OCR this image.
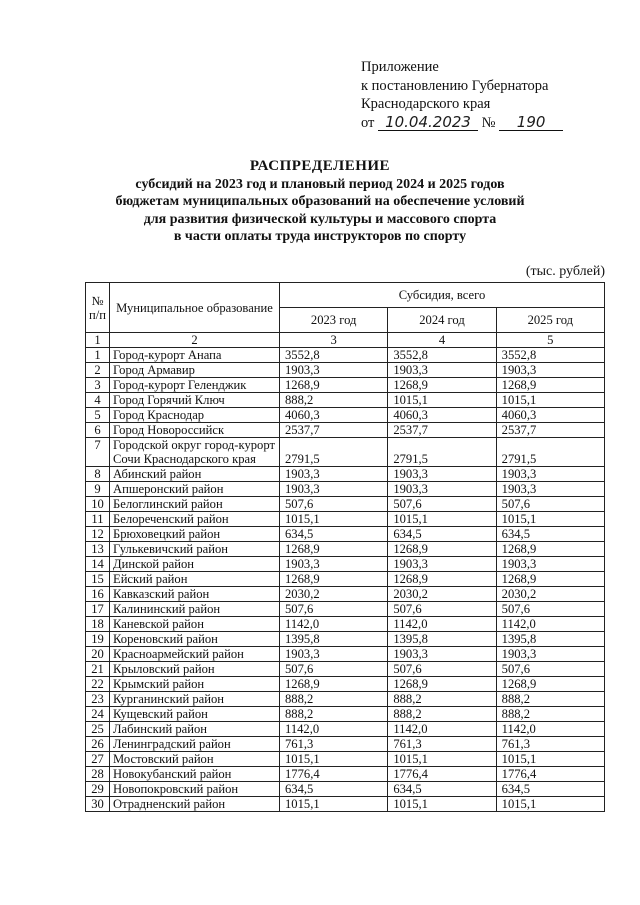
Приложение
к постановлению Губернатора
Краснодарского края
от 10.04.2023 № 190
РАСПРЕДЕЛЕНИЕ
субсидий на 2023 год и плановый период 2024 и 2025 годов
бюджетам муниципальных образований на обеспечение условий
для развития физической культуры и массового спорта
в части оплаты труда инструкторов по спорту
(тыс. рублей)
№ п/п	Муниципальное образование	Субсидия, всего		
		2023 год	2024 год	2025 год
1	2	3	4	5
1	Город-курорт Анапа	3552,8	3552,8	3552,8
2	Город Армавир	1903,3	1903,3	1903,3
3	Город-курорт Геленджик	1268,9	1268,9	1268,9
4	Город Горячий Ключ	888,2	1015,1	1015,1
5	Город Краснодар	4060,3	4060,3	4060,3
6	Город Новороссийск	2537,7	2537,7	2537,7
7	Городской округ город-курорт Сочи Краснодарского края	2791,5	2791,5	2791,5
8	Абинский район	1903,3	1903,3	1903,3
9	Апшеронский район	1903,3	1903,3	1903,3
10	Белоглинский район	507,6	507,6	507,6
11	Белореченский район	1015,1	1015,1	1015,1
12	Брюховецкий район	634,5	634,5	634,5
13	Гулькевичский район	1268,9	1268,9	1268,9
14	Динской район	1903,3	1903,3	1903,3
15	Ейский район	1268,9	1268,9	1268,9
16	Кавказский район	2030,2	2030,2	2030,2
17	Калининский район	507,6	507,6	507,6
18	Каневской район	1142,0	1142,0	1142,0
19	Кореновский район	1395,8	1395,8	1395,8
20	Красноармейский район	1903,3	1903,3	1903,3
21	Крыловский район	507,6	507,6	507,6
22	Крымский район	1268,9	1268,9	1268,9
23	Курганинский район	888,2	888,2	888,2
24	Кущевский район	888,2	888,2	888,2
25	Лабинский район	1142,0	1142,0	1142,0
26	Ленинградский район	761,3	761,3	761,3
27	Мостовский район	1015,1	1015,1	1015,1
28	Новокубанский район	1776,4	1776,4	1776,4
29	Новопокровский район	634,5	634,5	634,5
30	Отрадненский район	1015,1	1015,1	1015,1
